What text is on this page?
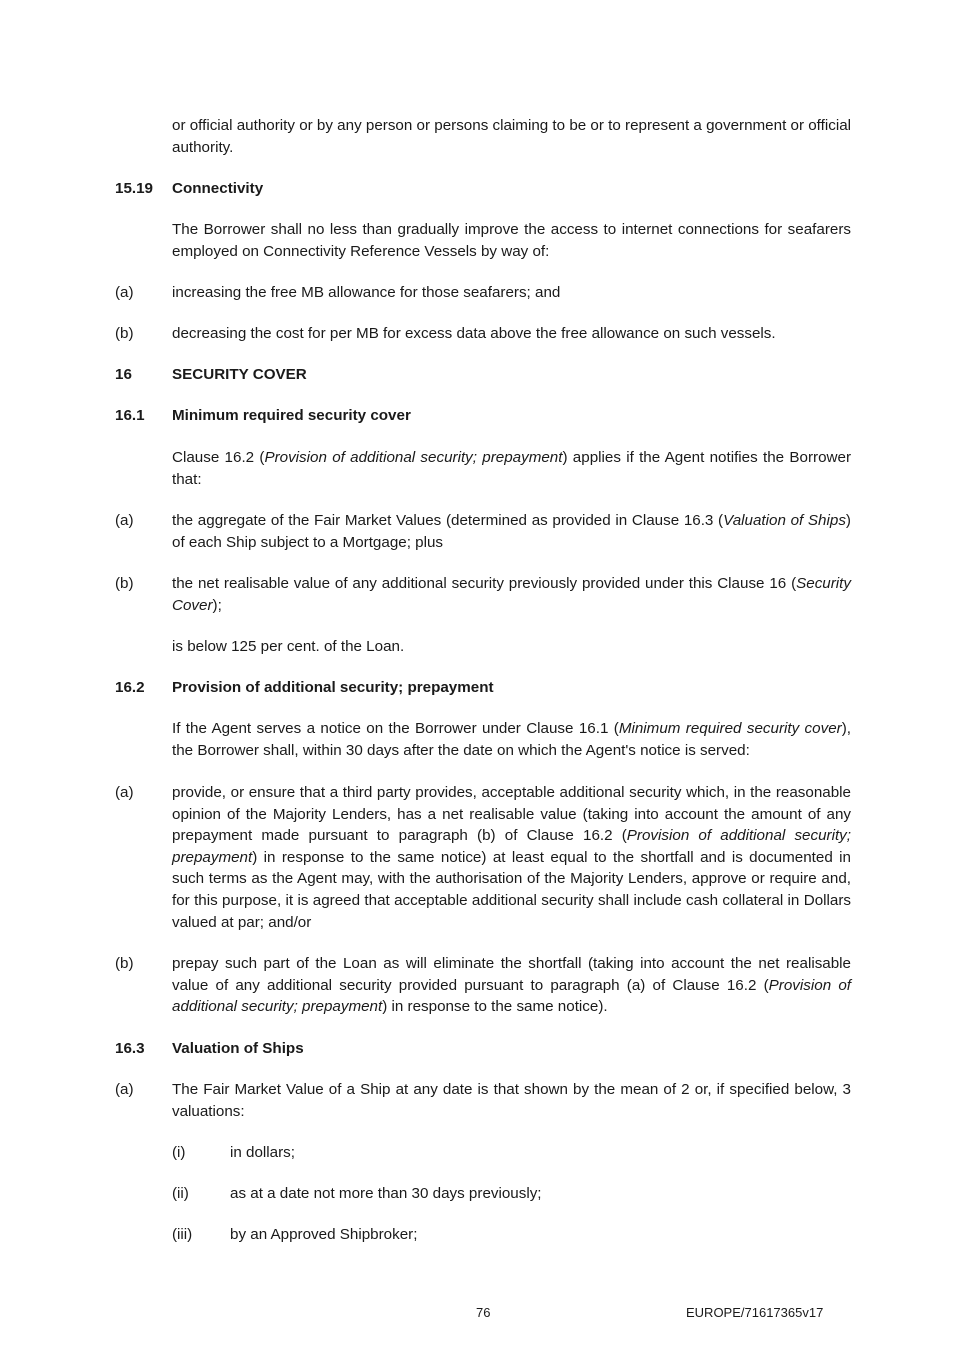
or official authority or by any person or persons claiming to be or to represent a government or official authority.

15.19 Connectivity

The Borrower shall no less than gradually improve the access to internet connections for seafarers employed on Connectivity Reference Vessels by way of:

(a)	increasing the free MB allowance for those seafarers; and

(b)	decreasing the cost for per MB for excess data above the free allowance on such vessels.

16	SECURITY COVER

16.1 Minimum required security cover

Clause 16.2 (Provision of additional security; prepayment) applies if the Agent notifies the Borrower that:

(a)	the aggregate of the Fair Market Values (determined as provided in Clause 16.3 (Valuation of Ships) of each Ship subject to a Mortgage; plus

(b)	the net realisable value of any additional security previously provided under this Clause 16 (Security Cover);

is below 125 per cent. of the Loan.

16.2 Provision of additional security; prepayment

If the Agent serves a notice on the Borrower under Clause 16.1 (Minimum required security cover), the Borrower shall, within 30 days after the date on which the Agent's notice is served:

(a)	provide, or ensure that a third party provides, acceptable additional security which, in the reasonable opinion of the Majority Lenders, has a net realisable value (taking into account the amount of any prepayment made pursuant to paragraph (b) of Clause 16.2 (Provision of additional security; prepayment) in response to the same notice) at least equal to the shortfall and is documented in such terms as the Agent may, with the authorisation of the Majority Lenders, approve or require and, for this purpose, it is agreed that acceptable additional security shall include cash collateral in Dollars valued at par; and/or

(b)	prepay such part of the Loan as will eliminate the shortfall (taking into account the net realisable value of any additional security provided pursuant to paragraph (a) of Clause 16.2 (Provision of additional security; prepayment) in response to the same notice).

16.3 Valuation of Ships

(a)	The Fair Market Value of a Ship at any date is that shown by the mean of 2 or, if specified below, 3 valuations:

(i)	in dollars;

(ii)	as at a date not more than 30 days previously;

(iii) by an Approved Shipbroker;

76	EUROPE/71617365v17
